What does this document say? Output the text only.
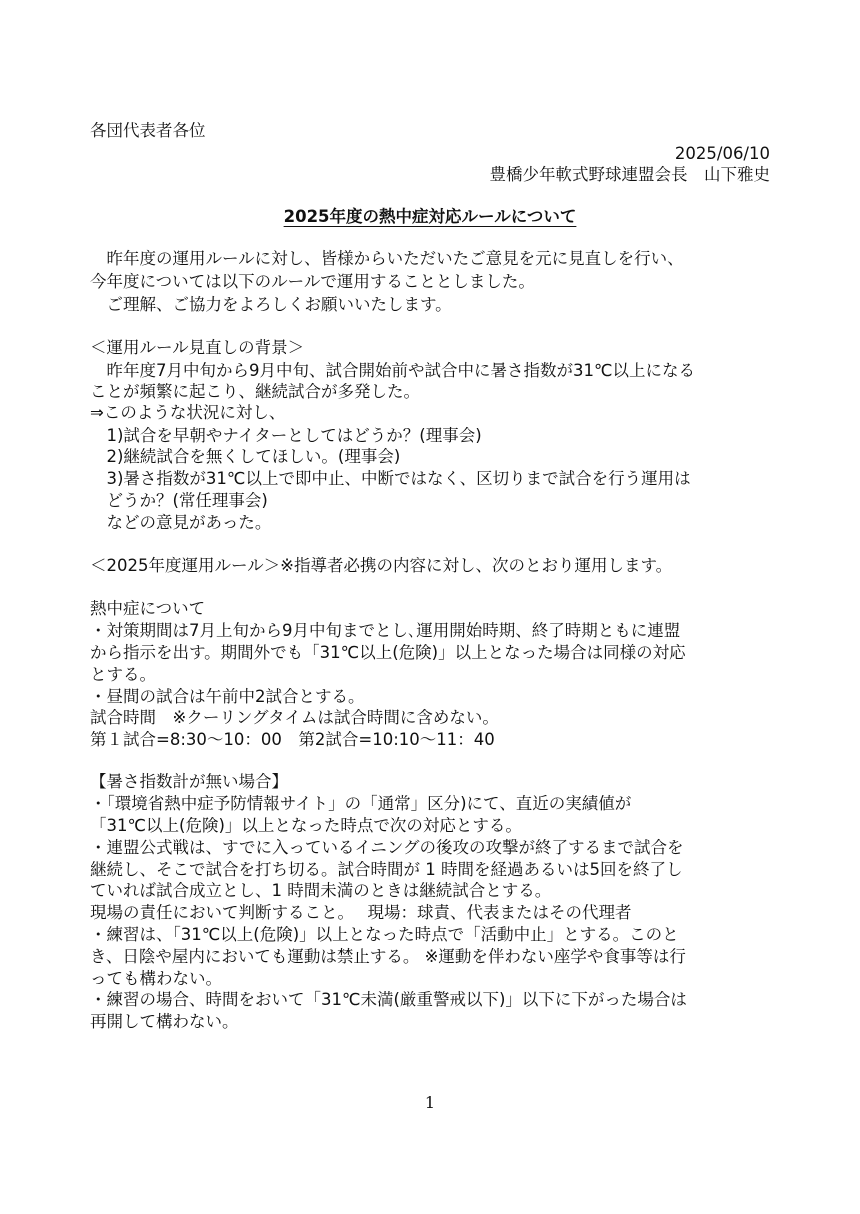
各団代表者各位
2025/06/10
豊橋少年軟式野球連盟会長　山下雅史
2025年度の熱中症対応ルールについて
　昨年度の運用ルールに対し、皆様からいただいたご意見を元に見直しを行い、
今年度については以下のルールで運用することとしました。
　ご理解、ご協力をよろしくお願いいたします。
＜運用ルール見直しの背景＞
　昨年度7月中旬から9月中旬、試合開始前や試合中に暑さ指数が31℃以上になる
ことが頻繁に起こり、継続試合が多発した。
⇒このような状況に対し、
　1)試合を早朝やナイターとしてはどうか？(理事会)
　2)継続試合を無くしてほしい。(理事会)
　3)暑さ指数が31℃以上で即中止、中断ではなく、区切りまで試合を行う運用は
　どうか？(常任理事会)
　などの意見があった。
＜2025年度運用ルール＞※指導者必携の内容に対し、次のとおり運用します。
熱中症について
・対策期間は7月上旬から9月中旬までとし､運用開始時期、終了時期ともに連盟
から指示を出す。期間外でも「31℃以上(危険)」以上となった場合は同様の対応
とする。
・昼間の試合は午前中2試合とする。
試合時間　※クーリングタイムは試合時間に含めない。
第１試合=8:30～10：00　第2試合=10:10～11：40
【暑さ指数計が無い場合】
・「環境省熱中症予防情報サイト」の「通常」区分)にて、直近の実績値が
「31℃以上(危険)」以上となった時点で次の対応とする。
・連盟公式戦は、すでに入っているイニングの後攻の攻撃が終了するまで試合を
継続し、そこで試合を打ち切る。試合時間が 1 時間を経過あるいは5回を終了し
ていれば試合成立とし、1 時間未満のときは継続試合とする。
現場の責任において判断すること。　 現場：球責、代表またはその代理者
・練習は、「31℃以上(危険)」以上となった時点で「活動中止」とする。このと
き、日陰や屋内においても運動は禁止する。 ※運動を伴わない座学や食事等は行
っても構わない。
・練習の場合、時間をおいて「31℃未満(厳重警戒以下)」以下に下がった場合は
再開して構わない。
1
